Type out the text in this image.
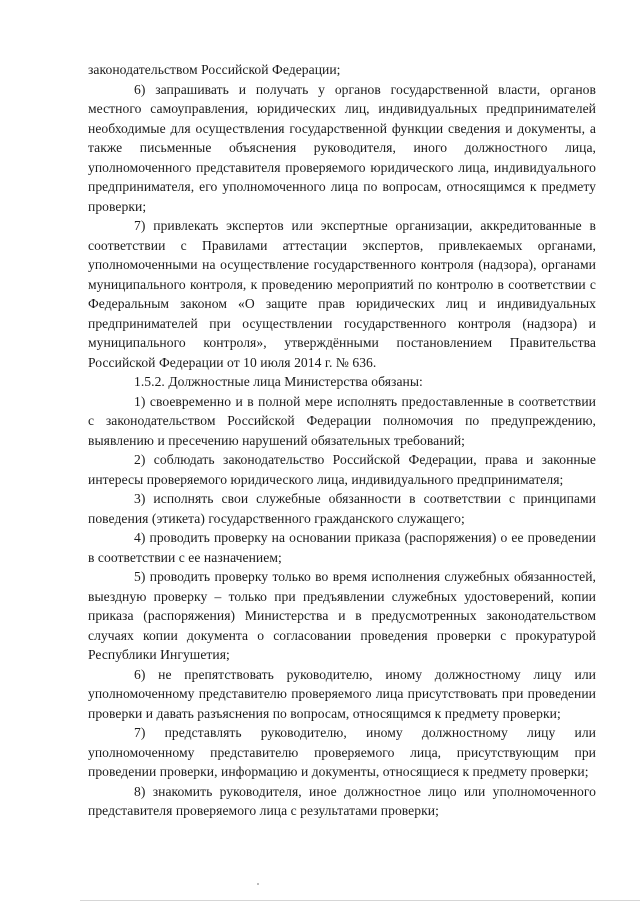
законодательством Российской Федерации;

6) запрашивать и получать у органов государственной власти, органов местного самоуправления, юридических лиц, индивидуальных предпринимателей необходимые для осуществления государственной функции сведения и документы, а также письменные объяснения руководителя, иного должностного лица, уполномоченного представителя проверяемого юридического лица, индивидуального предпринимателя, его уполномоченного лица по вопросам, относящимся к предмету проверки;

7) привлекать экспертов или экспертные организации, аккредитованные в соответствии с Правилами аттестации экспертов, привлекаемых органами, уполномоченными на осуществление государственного контроля (надзора), органами муниципального контроля, к проведению мероприятий по контролю в соответствии с Федеральным законом «О защите прав юридических лиц и индивидуальных предпринимателей при осуществлении государственного контроля (надзора) и муниципального контроля», утверждёнными постановлением Правительства Российской Федерации от 10 июля 2014 г. № 636.

1.5.2. Должностные лица Министерства обязаны:

1) своевременно и в полной мере исполнять предоставленные в соответствии с законодательством Российской Федерации полномочия по предупреждению, выявлению и пресечению нарушений обязательных требований;

2) соблюдать законодательство Российской Федерации, права и законные интересы проверяемого юридического лица, индивидуального предпринимателя;

3) исполнять свои служебные обязанности в соответствии с принципами поведения (этикета) государственного гражданского служащего;

4) проводить проверку на основании приказа (распоряжения) о ее проведении в соответствии с ее назначением;

5) проводить проверку только во время исполнения служебных обязанностей, выездную проверку – только при предъявлении служебных удостоверений, копии приказа (распоряжения) Министерства и в предусмотренных законодательством случаях копии документа о согласовании проведения проверки с прокуратурой Республики Ингушетия;

6) не препятствовать руководителю, иному должностному лицу или уполномоченному представителю проверяемого лица присутствовать при проведении проверки и давать разъяснения по вопросам, относящимся к предмету проверки;

7) представлять руководителю, иному должностному лицу или уполномоченному представителю проверяемого лица, присутствующим при проведении проверки, информацию и документы, относящиеся к предмету проверки;

8) знакомить руководителя, иное должностное лицо или уполномоченного представителя проверяемого лица с результатами проверки;
